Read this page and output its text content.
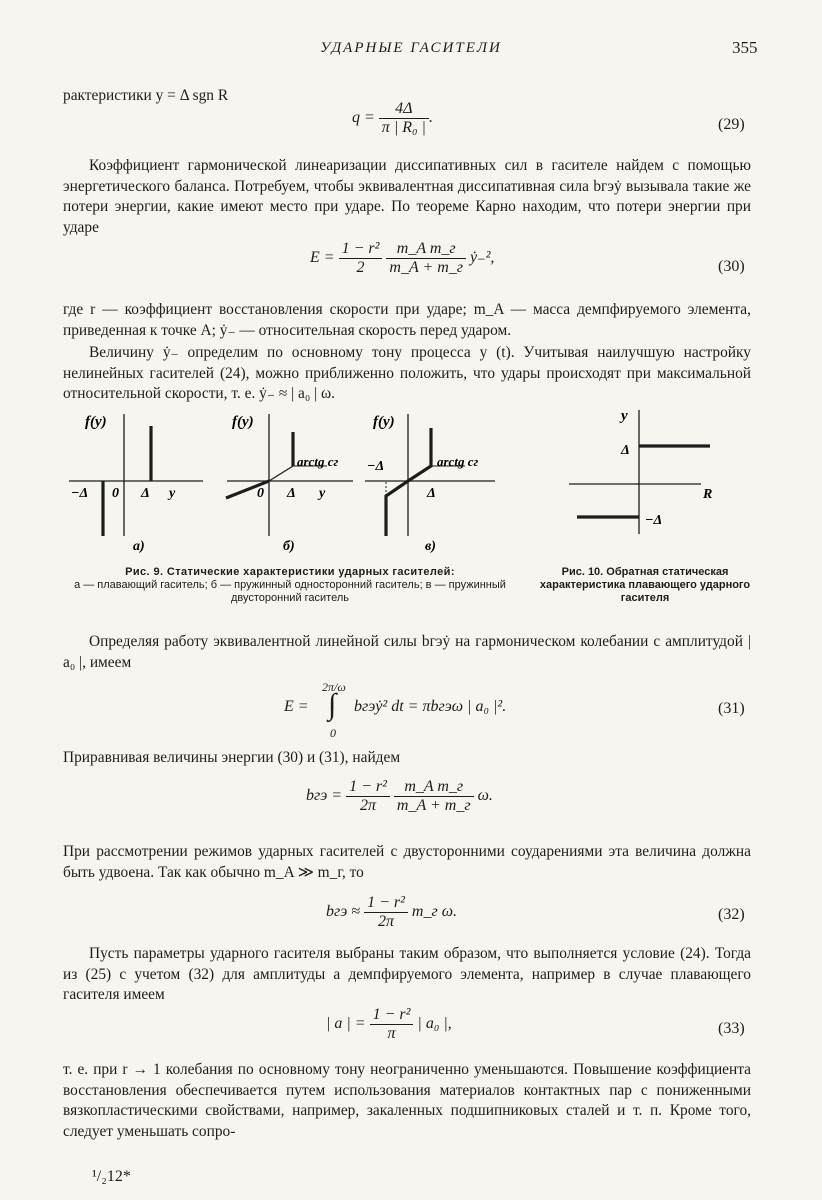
УДАРНЫЕ ГАСИТЕЛИ	355
рактеристики y = Δ sgn R
$q = \frac{4\Delta}{\text{π | R₀ |}}$ .	(29)
Коэффициент гармонической линеаризации диссипативных сил в гасителе найдем с помощью энергетического баланса. Потребуем, чтобы эквивалентная диссипативная сила bгэẏ вызывала такие же потери энергии, какие имеют место при ударе. По теореме Карно находим, что потери энергии при ударе
$E = \frac{\text{1 − r²}}{2}$
$\frac{\text{m\_A m\_г}}{m\_A + m\_г}$ ẏ₋²,
(30)
где r — коэффициент восстановления скорости при ударе; m_A — масса демпфируемого элемента, приведенная к точке A; ẏ₋ — относительная скорость перед ударом.
Величину ẏ₋ определим по основному тону процесса y (t). Учитывая наилучшую настройку нелинейных гасителей (24), можно приближенно положить, что удары происходят при максимальной относительной скорости, т. е. ẏ₋ ≈ | a₀ | ω.
f(y)
−Δ 0 Δ y
а)
f(y)
arctg cг
0 Δ y
б)
f(y)
arctg cг
−Δ
Δ
в)
y
Δ
−Δ
R
Рис. 9. Статические характеристики ударных гасителей:
а — плавающий гаситель; б — пружинный односторонний гаситель; в — пружинный двусторонний гаситель
Рис. 10. Обратная статическая характеристика плавающего ударного гасителя
Определяя работу эквивалентной линейной силы bгэẏ на гармоническом колебании с амплитудой | a₀ |, имеем
E =
2π/ω
∫
0
bгэẏ² dt = πbгэω | a₀ |².	(31)
Приравнивая величины энергии (30) и (31), найдем
bгэ = $\frac{\text{1 − r²}}{2\pi}$
$\frac{\text{m\_A m\_г}}{m\_A + m\_г} \omega$.
При рассмотрении режимов ударных гасителей с двусторонними соударениями эта величина должна быть удвоена. Так как обычно m_A ≫ m_г, то
bгэ ≈ $\frac{\text{1 − r²}}{2\pi}$ m_г ω.	(32)
Пусть параметры ударного гасителя выбраны таким образом, что выполняется условие (24). Тогда из (25) с учетом (32) для амплитуды a демпфируемого элемента, например в случае плавающего гасителя имеем
| a | = $\frac{\text{1 − r²}}{\pi}$ | a₀ |,	(33)
т. е. при r → 1 колебания по основному тону неограниченно уменьшаются. Повышение коэффициента восстановления обеспечивается путем использования материалов контактных пар с пониженными вязкопластическими свойствами, например, закаленных подшипниковых сталей и т. п. Кроме того, следует уменьшать сопро-
¹/₂12*
